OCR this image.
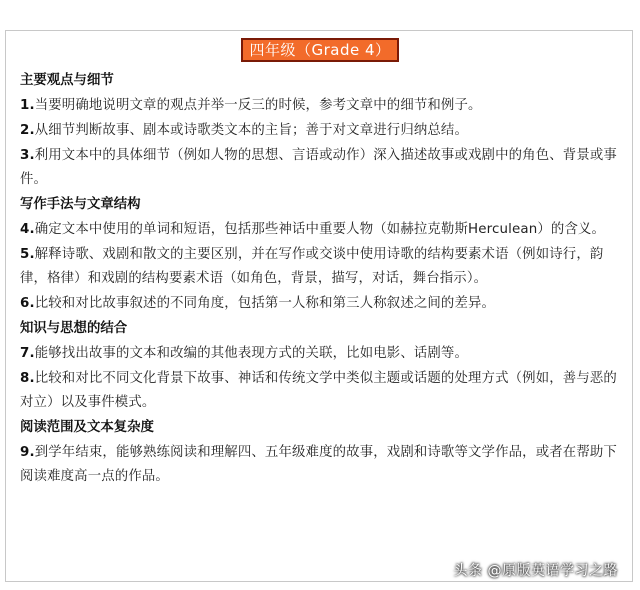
四年级（Grade 4）
主要观点与细节
1.当要明确地说明文章的观点并举一反三的时候，参考文章中的细节和例子。
2.从细节判断故事、剧本或诗歌类文本的主旨；善于对文章进行归纳总结。
3.利用文本中的具体细节（例如人物的思想、言语或动作）深入描述故事或戏剧中的角色、背景或事件。
写作手法与文章结构
4.确定文本中使用的单词和短语，包括那些神话中重要人物（如赫拉克勒斯Herculean）的含义。
5.解释诗歌、戏剧和散文的主要区别，并在写作或交谈中使用诗歌的结构要素术语（例如诗行，韵律，格律）和戏剧的结构要素术语（如角色，背景，描写，对话，舞台指示）。
6.比较和对比故事叙述的不同角度，包括第一人称和第三人称叙述之间的差异。
知识与思想的结合
7.能够找出故事的文本和改编的其他表现方式的关联，比如电影、话剧等。
8.比较和对比不同文化背景下故事、神话和传统文学中类似主题或话题的处理方式（例如，善与恶的对立）以及事件模式。
阅读范围及文本复杂度
9.到学年结束，能够熟练阅读和理解四、五年级难度的故事，戏剧和诗歌等文学作品，或者在帮助下阅读难度高一点的作品。
头条 @原版英语学习之路
